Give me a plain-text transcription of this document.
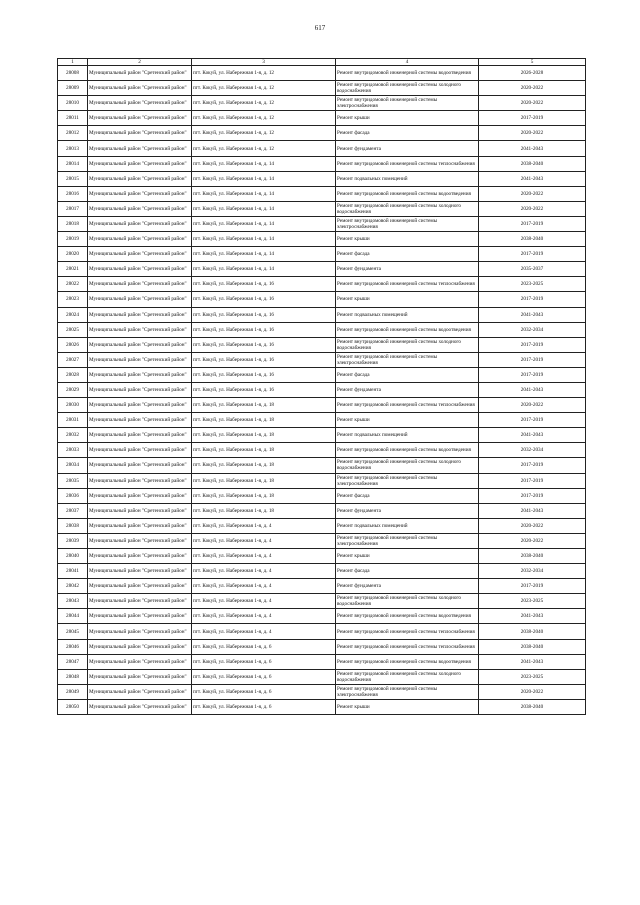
617
1	2	3	4	5
28008	Муниципальный район "Сретенский район"	пгт. Кокуй, ул. Набережная 1-я, д. 12	Ремонт внутридомовой инженерной системы водоотведения	2026-2028
28009	Муниципальный район "Сретенский район"	пгт. Кокуй, ул. Набережная 1-я, д. 12	Ремонт внутридомовой инженерной системы холодного водоснабжения	2020-2022
28010	Муниципальный район "Сретенский район"	пгт. Кокуй, ул. Набережная 1-я, д. 12	Ремонт внутридомовой инженерной системы электроснабжения	2020-2022
28011	Муниципальный район "Сретенский район"	пгт. Кокуй, ул. Набережная 1-я, д. 12	Ремонт крыши	2017-2019
28012	Муниципальный район "Сретенский район"	пгт. Кокуй, ул. Набережная 1-я, д. 12	Ремонт фасада	2020-2022
28013	Муниципальный район "Сретенский район"	пгт. Кокуй, ул. Набережная 1-я, д. 12	Ремонт фундамента	2041-2043
28014	Муниципальный район "Сретенский район"	пгт. Кокуй, ул. Набережная 1-я, д. 14	Ремонт внутридомовой инженерной системы теплоснабжения	2038-2040
28015	Муниципальный район "Сретенский район"	пгт. Кокуй, ул. Набережная 1-я, д. 14	Ремонт подвальных помещений	2041-2043
28016	Муниципальный район "Сретенский район"	пгт. Кокуй, ул. Набережная 1-я, д. 14	Ремонт внутридомовой инженерной системы водоотведения	2020-2022
28017	Муниципальный район "Сретенский район"	пгт. Кокуй, ул. Набережная 1-я, д. 14	Ремонт внутридомовой инженерной системы холодного водоснабжения	2020-2022
28018	Муниципальный район "Сретенский район"	пгт. Кокуй, ул. Набережная 1-я, д. 14	Ремонт внутридомовой инженерной системы электроснабжения	2017-2019
28019	Муниципальный район "Сретенский район"	пгт. Кокуй, ул. Набережная 1-я, д. 14	Ремонт крыши	2038-2040
28020	Муниципальный район "Сретенский район"	пгт. Кокуй, ул. Набережная 1-я, д. 14	Ремонт фасада	2017-2019
28021	Муниципальный район "Сретенский район"	пгт. Кокуй, ул. Набережная 1-я, д. 14	Ремонт фундамента	2035-2037
28022	Муниципальный район "Сретенский район"	пгт. Кокуй, ул. Набережная 1-я, д. 16	Ремонт внутридомовой инженерной системы теплоснабжения	2023-2025
28023	Муниципальный район "Сретенский район"	пгт. Кокуй, ул. Набережная 1-я, д. 16	Ремонт крыши	2017-2019
28024	Муниципальный район "Сретенский район"	пгт. Кокуй, ул. Набережная 1-я, д. 16	Ремонт подвальных помещений	2041-2043
28025	Муниципальный район "Сретенский район"	пгт. Кокуй, ул. Набережная 1-я, д. 16	Ремонт внутридомовой инженерной системы водоотведения	2032-2034
28026	Муниципальный район "Сретенский район"	пгт. Кокуй, ул. Набережная 1-я, д. 16	Ремонт внутридомовой инженерной системы холодного водоснабжения	2017-2019
28027	Муниципальный район "Сретенский район"	пгт. Кокуй, ул. Набережная 1-я, д. 16	Ремонт внутридомовой инженерной системы электроснабжения	2017-2019
28028	Муниципальный район "Сретенский район"	пгт. Кокуй, ул. Набережная 1-я, д. 16	Ремонт фасада	2017-2019
28029	Муниципальный район "Сретенский район"	пгт. Кокуй, ул. Набережная 1-я, д. 16	Ремонт фундамента	2041-2043
28030	Муниципальный район "Сретенский район"	пгт. Кокуй, ул. Набережная 1-я, д. 18	Ремонт внутридомовой инженерной системы теплоснабжения	2020-2022
28031	Муниципальный район "Сретенский район"	пгт. Кокуй, ул. Набережная 1-я, д. 18	Ремонт крыши	2017-2019
28032	Муниципальный район "Сретенский район"	пгт. Кокуй, ул. Набережная 1-я, д. 18	Ремонт подвальных помещений	2041-2043
28033	Муниципальный район "Сретенский район"	пгт. Кокуй, ул. Набережная 1-я, д. 18	Ремонт внутридомовой инженерной системы водоотведения	2032-2034
28034	Муниципальный район "Сретенский район"	пгт. Кокуй, ул. Набережная 1-я, д. 18	Ремонт внутридомовой инженерной системы холодного водоснабжения	2017-2019
28035	Муниципальный район "Сретенский район"	пгт. Кокуй, ул. Набережная 1-я, д. 18	Ремонт внутридомовой инженерной системы электроснабжения	2017-2019
28036	Муниципальный район "Сретенский район"	пгт. Кокуй, ул. Набережная 1-я, д. 18	Ремонт фасада	2017-2019
28037	Муниципальный район "Сретенский район"	пгт. Кокуй, ул. Набережная 1-я, д. 18	Ремонт фундамента	2041-2043
28038	Муниципальный район "Сретенский район"	пгт. Кокуй, ул. Набережная 1-я, д. 4	Ремонт подвальных помещений	2020-2022
28039	Муниципальный район "Сретенский район"	пгт. Кокуй, ул. Набережная 1-я, д. 4	Ремонт внутридомовой инженерной системы электроснабжения	2020-2022
28040	Муниципальный район "Сретенский район"	пгт. Кокуй, ул. Набережная 1-я, д. 4	Ремонт крыши	2038-2040
28041	Муниципальный район "Сретенский район"	пгт. Кокуй, ул. Набережная 1-я, д. 4	Ремонт фасада	2032-2034
28042	Муниципальный район "Сретенский район"	пгт. Кокуй, ул. Набережная 1-я, д. 4	Ремонт фундамента	2017-2019
28043	Муниципальный район "Сретенский район"	пгт. Кокуй, ул. Набережная 1-я, д. 4	Ремонт внутридомовой инженерной системы холодного водоснабжения	2023-2025
28044	Муниципальный район "Сретенский район"	пгт. Кокуй, ул. Набережная 1-я, д. 4	Ремонт внутридомовой инженерной системы водоотведения	2041-2043
28045	Муниципальный район "Сретенский район"	пгт. Кокуй, ул. Набережная 1-я, д. 4	Ремонт внутридомовой инженерной системы теплоснабжения	2038-2040
28046	Муниципальный район "Сретенский район"	пгт. Кокуй, ул. Набережная 1-я, д. 6	Ремонт внутридомовой инженерной системы теплоснабжения	2038-2040
28047	Муниципальный район "Сретенский район"	пгт. Кокуй, ул. Набережная 1-я, д. 6	Ремонт внутридомовой инженерной системы водоотведения	2041-2043
28048	Муниципальный район "Сретенский район"	пгт. Кокуй, ул. Набережная 1-я, д. 6	Ремонт внутридомовой инженерной системы холодного водоснабжения	2023-2025
28049	Муниципальный район "Сретенский район"	пгт. Кокуй, ул. Набережная 1-я, д. 6	Ремонт внутридомовой инженерной системы электроснабжения	2020-2022
28050	Муниципальный район "Сретенский район"	пгт. Кокуй, ул. Набережная 1-я, д. 6	Ремонт крыши	2038-2040
